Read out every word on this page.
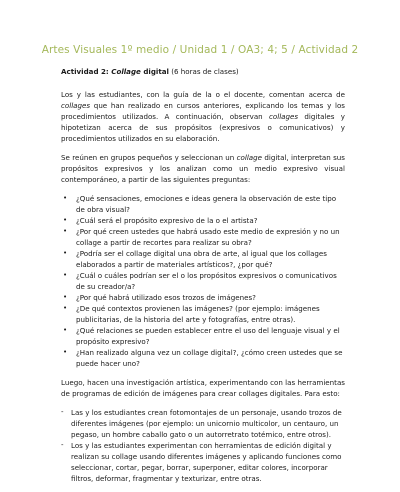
Artes Visuales 1º medio / Unidad 1 / OA3; 4; 5 / Actividad 2

Actividad 2: Collage digital (6 horas de clases)

Los y las estudiantes, con la guía de la o el docente, comentan acerca de collages que han realizado en cursos anteriores, explicando los temas y los procedimientos utilizados. A continuación, observan collages digitales y hipotetizan acerca de sus propósitos (expresivos o comunicativos) y procedimientos utilizados en su elaboración.

Se reúnen en grupos pequeños y seleccionan un collage digital, interpretan sus propósitos expresivos y los analizan como un medio expresivo visual contemporáneo, a partir de las siguientes preguntas:

• ¿Qué sensaciones, emociones e ideas genera la observación de este tipo de obra visual?
• ¿Cuál será el propósito expresivo de la o el artista?
• ¿Por qué creen ustedes que habrá usado este medio de expresión y no un collage a partir de recortes para realizar su obra?
• ¿Podría ser el collage digital una obra de arte, al igual que los collages elaborados a partir de materiales artísticos?, ¿por qué?
• ¿Cuál o cuáles podrían ser el o los propósitos expresivos o comunicativos de su creador/a?
• ¿Por qué habrá utilizado esos trozos de imágenes?
• ¿De qué contextos provienen las imágenes? (por ejemplo: imágenes publicitarias, de la historia del arte y fotografías, entre otras).
• ¿Qué relaciones se pueden establecer entre el uso del lenguaje visual y el propósito expresivo?
• ¿Han realizado alguna vez un collage digital?, ¿cómo creen ustedes que se puede hacer uno?

Luego, hacen una investigación artística, experimentando con las herramientas de programas de edición de imágenes para crear collages digitales. Para esto:

- Las y los estudiantes crean fotomontajes de un personaje, usando trozos de diferentes imágenes (por ejemplo: un unicornio multicolor, un centauro, un pegaso, un hombre caballo gato o un autorretrato totémico, entre otros).
- Los y las estudiantes experimentan con herramientas de edición digital y realizan su collage usando diferentes imágenes y aplicando funciones como seleccionar, cortar, pegar, borrar, superponer, editar colores, incorporar filtros, deformar, fragmentar y texturizar, entre otras.
